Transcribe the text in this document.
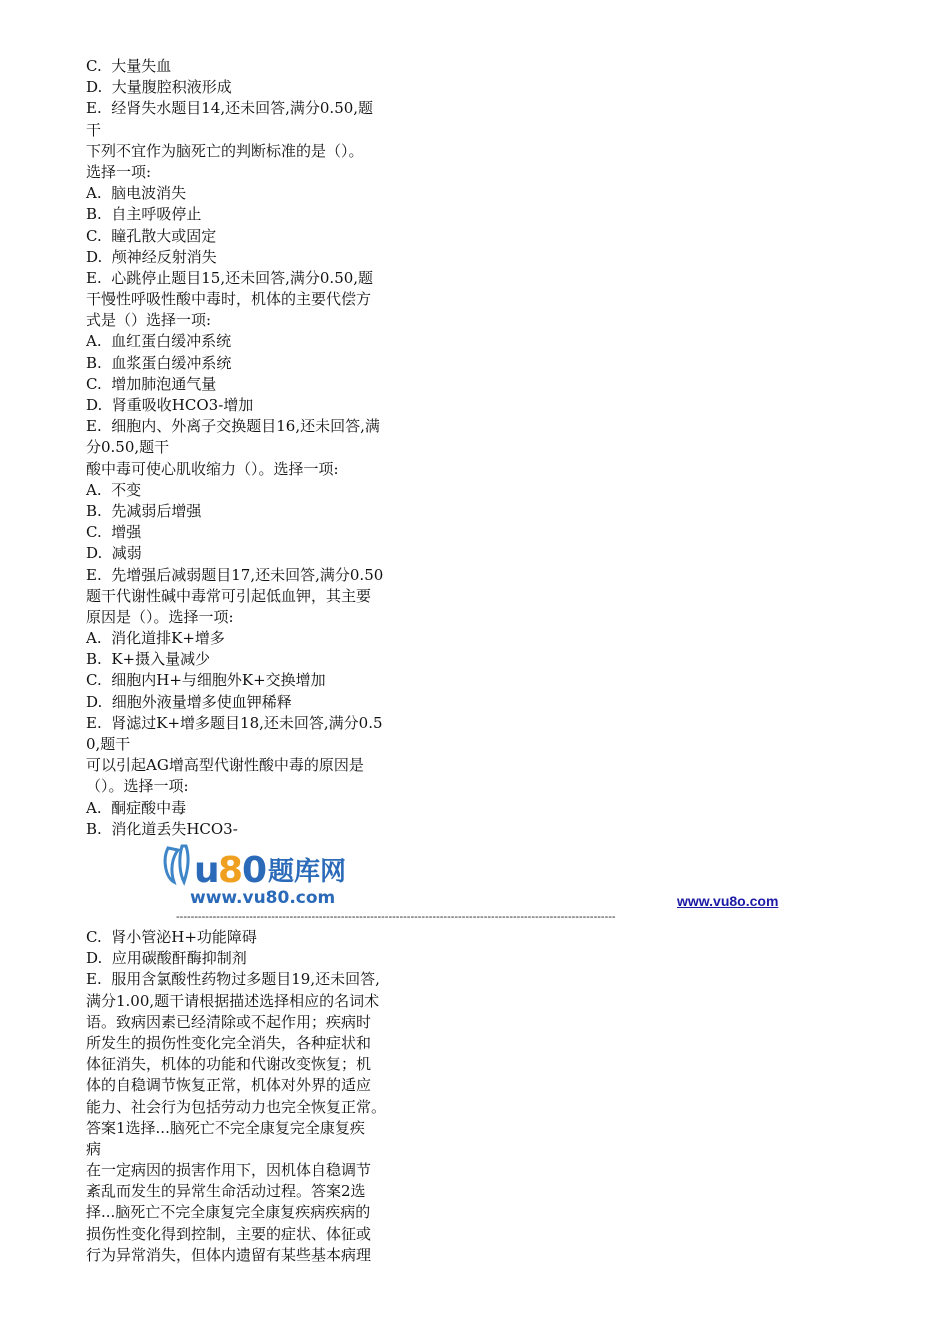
C.  大量失血
D.  大量腹腔积液形成
E.  经肾失水题目14,还未回答,满分0.50,题
干
下列不宜作为脑死亡的判断标准的是（）。
选择一项:
A.  脑电波消失
B.  自主呼吸停止
C.  瞳孔散大或固定
D.  颅神经反射消失
E.  心跳停止题目15,还未回答,满分0.50,题
干慢性呼吸性酸中毒时，机体的主要代偿方
式是（）选择一项:
A.  血红蛋白缓冲系统
B.  血浆蛋白缓冲系统
C.  增加肺泡通气量
D.  肾重吸收HCO3-增加
E.  细胞内、外离子交换题目16,还未回答,满
分0.50,题干
酸中毒可使心肌收缩力（）。选择一项:
A.  不变
B.  先减弱后增强
C.  增强
D.  减弱
E.  先增强后减弱题目17,还未回答,满分0.50
题干代谢性碱中毒常可引起低血钾，其主要
原因是（）。选择一项:
A.  消化道排K+增多
B.  K+摄入量减少
C.  细胞内H+与细胞外K+交换增加
D.  细胞外液量增多使血钾稀释
E.  肾滤过K+增多题目18,还未回答,满分0.5
0,题干
可以引起AG增高型代谢性酸中毒的原因是
（）。选择一项:
A.  酮症酸中毒
B.  消化道丢失HCO3-
u
8
0 题库网
www.vu80.com	www.vu8o.com
------------------------------------------------------------------------------------------------------------------------
C.  肾小管泌H+功能障碍
D.  应用碳酸酐酶抑制剂
E.  服用含氯酸性药物过多题目19,还未回答,
满分1.00,题干请根据描述选择相应的名词术
语。致病因素已经清除或不起作用；疾病时
所发生的损伤性变化完全消失，各种症状和
体征消失，机体的功能和代谢改变恢复；机
体的自稳调节恢复正常，机体对外界的适应
能力、社会行为包括劳动力也完全恢复正常。
答案1选择...脑死亡不完全康复完全康复疾
病
在一定病因的损害作用下，因机体自稳调节
紊乱而发生的异常生命活动过程。答案2选
择...脑死亡不完全康复完全康复疾病疾病的
损伤性变化得到控制，主要的症状、体征或
行为异常消失，但体内遗留有某些基本病理
